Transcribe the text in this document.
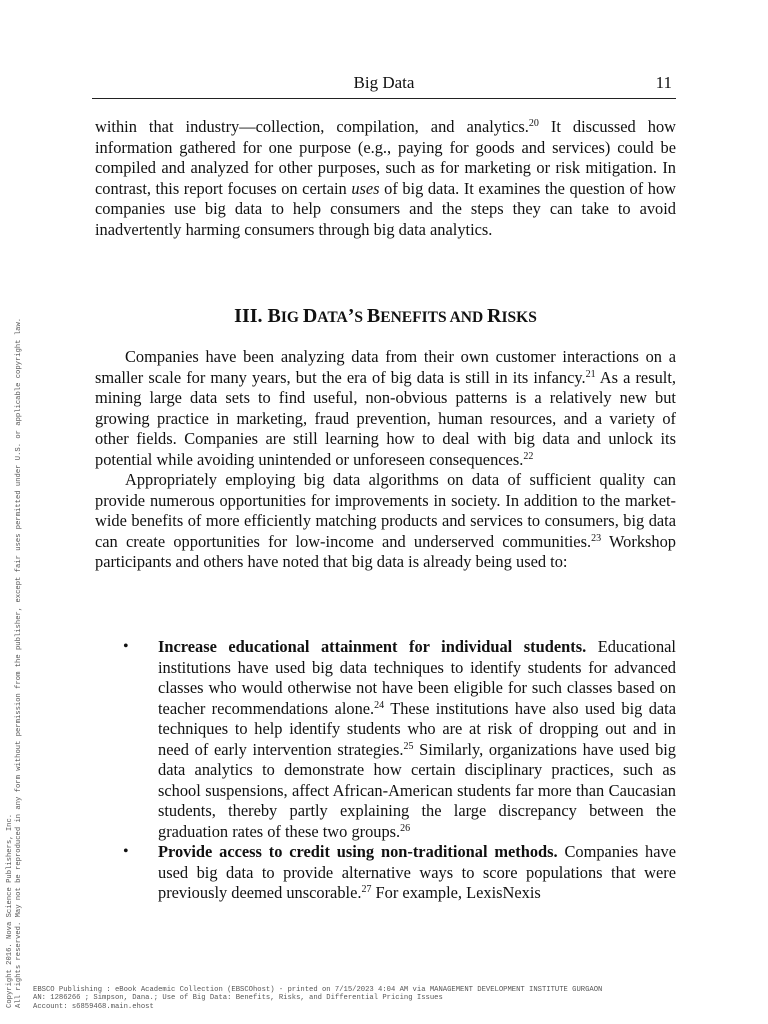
Big Data	11

within that industry—collection, compilation, and analytics.$^{20}$ It discussed how information gathered for one purpose (e.g., paying for goods and services) could be compiled and analyzed for other purposes, such as for marketing or risk mitigation. In contrast, this report focuses on certain uses of big data. It examines the question of how companies use big data to help consumers and the steps they can take to avoid inadvertently harming consumers through big data analytics.

III. BIG DATA’S BENEFITS AND RISKS

Companies have been analyzing data from their own customer interactions on a smaller scale for many years, but the era of big data is still in its infancy.$^{21}$ As a result, mining large data sets to find useful, non-obvious patterns is a relatively new but growing practice in marketing, fraud prevention, human resources, and a variety of other fields. Companies are still learning how to deal with big data and unlock its potential while avoiding unintended or unforeseen consequences.$^{22}$

Appropriately employing big data algorithms on data of sufficient quality can provide numerous opportunities for improvements in society. In addition to the market-wide benefits of more efficiently matching products and services to consumers, big data can create opportunities for low-income and underserved communities.$^{23}$ Workshop participants and others have noted that big data is already being used to:

• Increase educational attainment for individual students. Educational institutions have used big data techniques to identify students for advanced classes who would otherwise not have been eligible for such classes based on teacher recommendations alone.$^{24}$ These institutions have also used big data techniques to help identify students who are at risk of dropping out and in need of early intervention strategies.$^{25}$ Similarly, organizations have used big data analytics to demonstrate how certain disciplinary practices, such as school suspensions, affect African-American students far more than Caucasian students, thereby partly explaining the large discrepancy between the graduation rates of these two groups.$^{26}$
• Provide access to credit using non-traditional methods. Companies have used big data to provide alternative ways to score populations that were previously deemed unscorable.$^{27}$ For example, LexisNexis
Copyright 2016. Nova Science Publishers, Inc. All rights reserved. May not be reproduced in any form without permission from the publisher, except fair uses permitted under U.S. or applicable copyright law. EBSCO Publishing : eBook Academic Collection (EBSCOhost) - printed on 7/15/2023 4:04 AM via MANAGEMENT DEVELOPMENT INSTITUTE GURGAON
AN: 1286266 ; Simpson, Dana.; Use of Big Data: Benefits, Risks, and Differential Pricing Issues
Account: s6859468.main.ehost
